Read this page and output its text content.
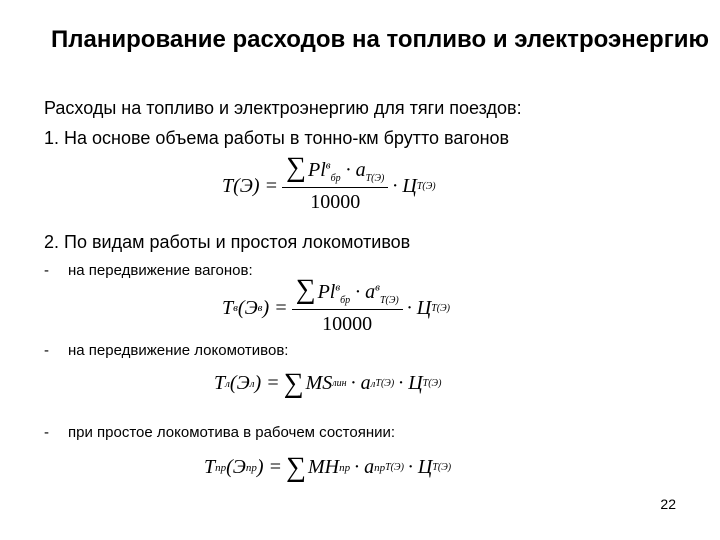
Планирование расходов на топливо и электроэнергию
Расходы на топливо и электроэнергию для тяги поездов:
1. На основе объема работы в тонно-км брутто вагонов
$T(Э) = \frac{\sum Pl^в_{бр} \cdot a_{T(Э)}}{10000} \cdot Ц$ T(Э)
2. По видам работы и простоя локомотивов
- на передвижение вагонов:
T в (Э в ) = $\frac{\sum Pl^в_{бр} \cdot a^в_{T(Э)}}{10000} \cdot Ц$ T(Э)
- на передвижение локомотивов:
T л (Э л ) = ∑ MS лин · a л T(Э) · Ц T(Э)
- при простое локомотива в рабочем состоянии:
T пр (Э пр ) = ∑ MH пр · a пр T(Э) · Ц T(Э)
22
